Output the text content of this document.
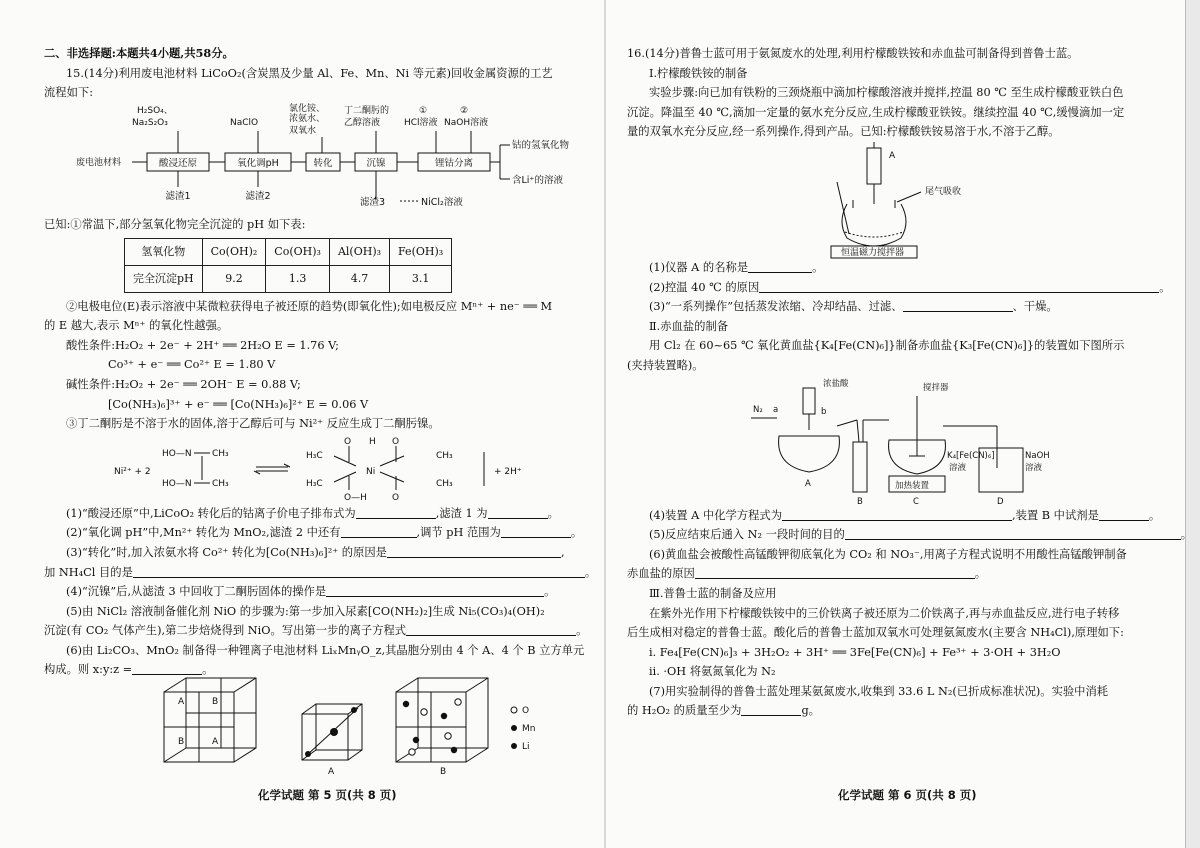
二、非选择题:本题共4小题,共58分。
15.(14分)利用废电池材料 LiCoO₂(含炭黑及少量 Al、Fe、Mn、Ni 等元素)回收金属资源的工艺
流程如下:
H₂SO₄、
Na₂S₂O₃	NaClO
氯化铵、
浓氨水、
双氧水
丁二酮肟的
乙醇溶液
①
HCl溶液
②
NaOH溶液
废电池材料	酸浸还原	氧化调pH	转化	沉镍	锂钴分离
滤渣1	滤渣2
钴的氢氧化物
含Li⁺的溶液
滤渣3	NiCl₂溶液
已知:①常温下,部分氢氧化物完全沉淀的 pH 如下表:
氢氧化物	Co(OH)₂	Co(OH)₃	Al(OH)₃	Fe(OH)₃
完全沉淀pH	9.2	1.3	4.7	3.1
②电极电位(E)表示溶液中某微粒获得电子被还原的趋势(即氧化性);如电极反应 Mⁿ⁺ + ne⁻ ══ M
的 E 越大,表示 Mⁿ⁺ 的氧化性越强。
酸性条件:H₂O₂ + 2e⁻ + 2H⁺ ══ 2H₂O E = 1.76 V;
Co³⁺ + e⁻ ══ Co²⁺ E = 1.80 V
碱性条件:H₂O₂ + 2e⁻ ══ 2OH⁻ E = 0.88 V;
[Co(NH₃)₆]³⁺ + e⁻ ══ [Co(NH₃)₆]²⁺ E = 0.06 V
③丁二酮肟是不溶于水的固体,溶于乙醇后可与 Ni²⁺ 反应生成丁二酮肟镍。
Ni²⁺ + 2
HO—N
HO—N
CH₃
CH₃
H₃C
H₃C
Ni
O H O
O—H	O
CH₃
CH₃
+ 2H⁺
(1)“酸浸还原”中,LiCoO₂ 转化后的钴离子价电子排布式为	,滤渣 1 为	。
(2)“氧化调 pH”中,Mn²⁺ 转化为 MnO₂,滤渣 2 中还有	,调节 pH 范围为	。
(3)“转化”时,加入浓氨水将 Co²⁺ 转化为[Co(NH₃)₆]²⁺ 的原因是	,
加 NH₄Cl 目的是	。
(4)“沉镍”后,从滤渣 3 中回收丁二酮肟固体的操作是	。
(5)由 NiCl₂ 溶液制备催化剂 NiO 的步骤为:第一步加入尿素[CO(NH₂)₂]生成 Ni₅(CO₃)₄(OH)₂
沉淀(有 CO₂ 气体产生),第二步焙烧得到 NiO。写出第一步的离子方程式	。
(6)由 Li₂CO₃、MnO₂ 制备得一种锂离子电池材料 LiₓMnᵧO_z,其晶胞分别由 4 个 A、4 个 B 立方单元
构成。则 x:y:z =	。
A	B
B	A
A	B
O
Mn
Li
化学试题 第 5 页(共 8 页)
16.(14分)普鲁士蓝可用于氨氮废水的处理,利用柠檬酸铁铵和赤血盐可制备得到普鲁士蓝。
Ⅰ.柠檬酸铁铵的制备
实验步骤:向已加有铁粉的三颈烧瓶中滴加柠檬酸溶液并搅拌,控温 80 ℃ 至生成柠檬酸亚铁白色
沉淀。降温至 40 ℃,滴加一定量的氨水充分反应,生成柠檬酸亚铁铵。继续控温 40 ℃,缓慢滴加一定
量的双氧水充分反应,经一系列操作,得到产品。已知:柠檬酸铁铵易溶于水,不溶于乙醇。
A
尾气吸收
恒温磁力搅拌器
(1)仪器 A 的名称是	。
(2)控温 40 ℃ 的原因	。
(3)“一系列操作”包括蒸发浓缩、冷却结晶、过滤、	、干燥。
Ⅱ.赤血盐的制备
用 Cl₂ 在 60~65 ℃ 氧化黄血盐{K₄[Fe(CN)₆]}制备赤血盐{K₃[Fe(CN)₆]}的装置如下图所示
(夹持装置略)。
N₂ a	b
浓盐酸	搅拌器
K₄[Fe(CN)₆]
溶液
加热装置
NaOH
溶液
A
B	C	D
(4)装置 A 中化学方程式为	,装置 B 中试剂是	。
(5)反应结束后通入 N₂ 一段时间的目的	。
(6)黄血盐会被酸性高锰酸钾彻底氧化为 CO₂ 和 NO₃⁻,用离子方程式说明不用酸性高锰酸钾制备
赤血盐的原因	。
Ⅲ.普鲁士蓝的制备及应用
在紫外光作用下柠檬酸铁铵中的三价铁离子被还原为二价铁离子,再与赤血盐反应,进行电子转移
后生成相对稳定的普鲁士蓝。酸化后的普鲁士蓝加双氧水可处理氨氮废水(主要含 NH₄Cl),原理如下:
ⅰ. Fe₄[Fe(CN)₆]₃ + 3H₂O₂ + 3H⁺ ══ 3Fe[Fe(CN)₆] + Fe³⁺ + 3·OH + 3H₂O
ⅱ. ·OH 将氨氮氧化为 N₂
(7)用实验制得的普鲁士蓝处理某氨氮废水,收集到 33.6 L N₂(已折成标准状况)。实验中消耗
的 H₂O₂ 的质量至少为	g。
化学试题 第 6 页(共 8 页)
